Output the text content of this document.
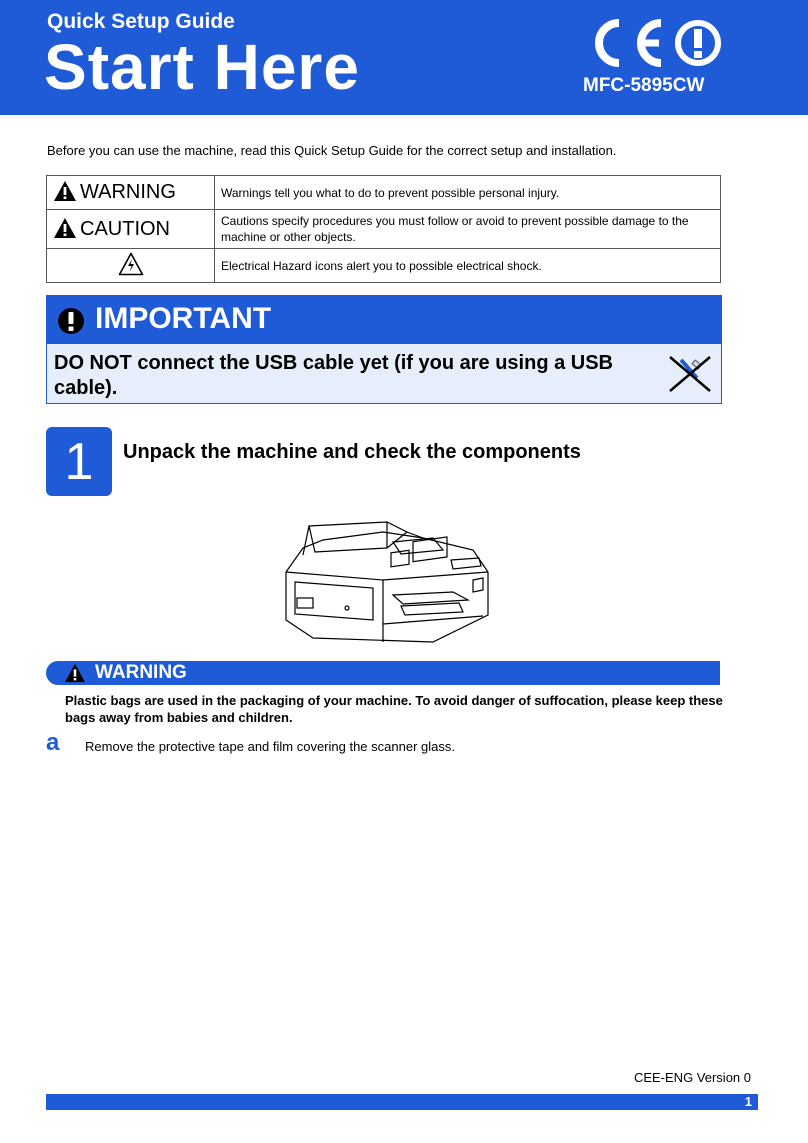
Quick Setup Guide
Start Here	MFC-5895CW
Before you can use the machine, read this Quick Setup Guide for the correct setup and installation.
WARNING	Warnings tell you what to do to prevent possible personal injury.
CAUTION	Cautions specify procedures you must follow or avoid to prevent possible damage to the machine or other objects.
	Electrical Hazard icons alert you to possible electrical shock.
IMPORTANT
DO NOT connect the USB cable yet (if you are using a USB cable).
1	Unpack the machine and check the components
WARNING
Plastic bags are used in the packaging of your machine. To avoid danger of suffocation, please keep these bags away from babies and children.
a Remove the protective tape and film covering the scanner glass.
CEE-ENG Version 0
1
